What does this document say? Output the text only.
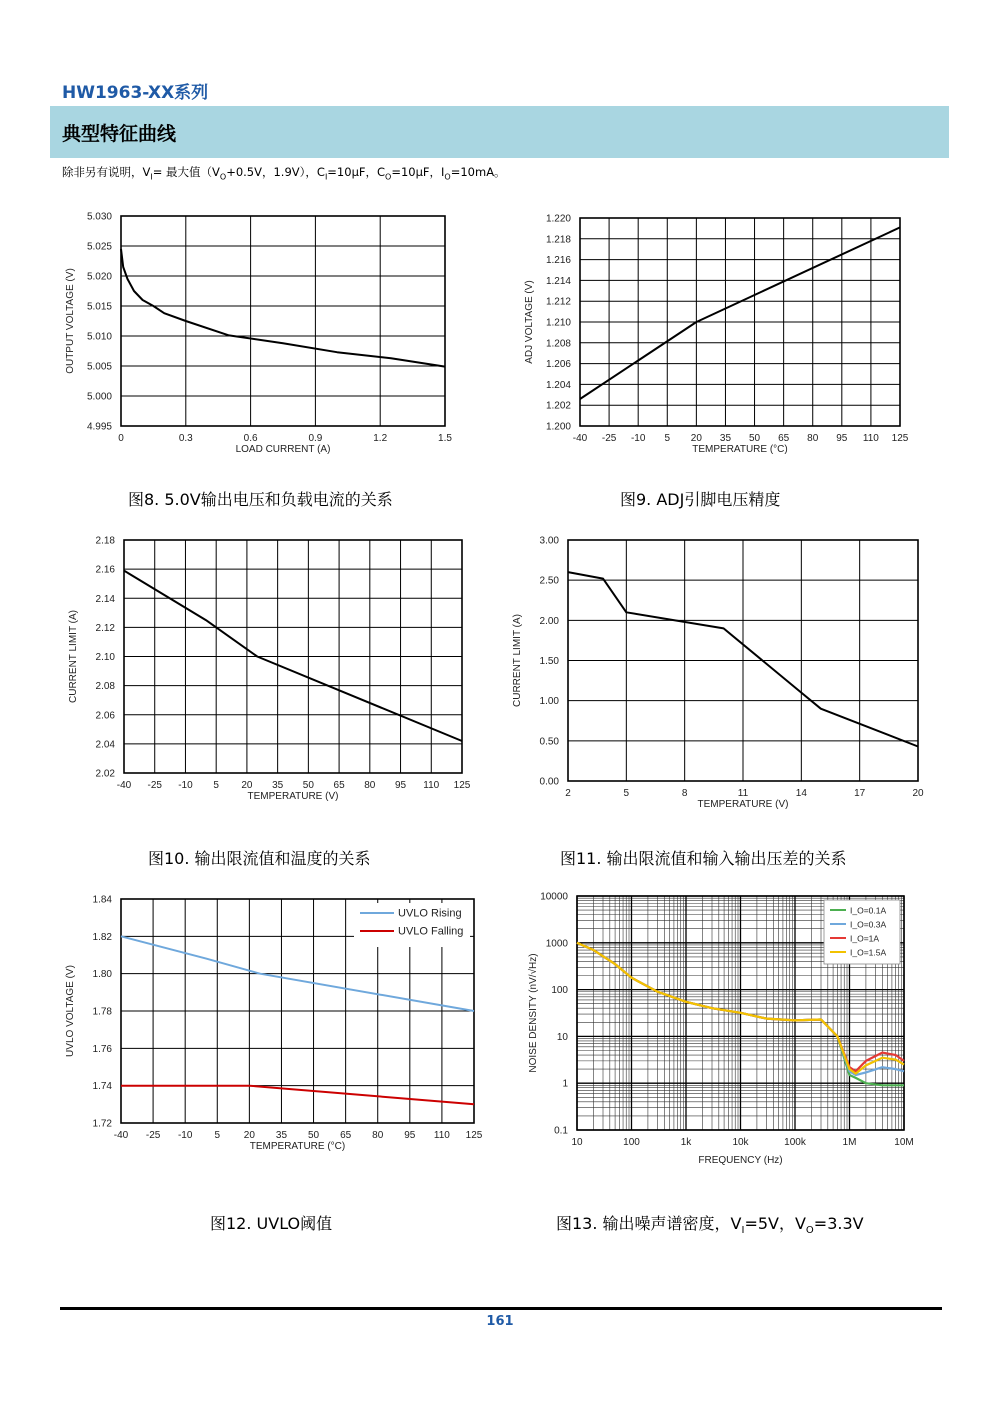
HW1963-XX系列
典型特征曲线
除非另有说明，$V_I=$ 最大值（$V_O+0.5V$，1.9V），$C_I=10\mu F$，$C_O=10\mu F$，$I_O=10mA$。
0	0.3	0.6	0.9	1.2	1.5
4.995
5.000
5.005
5.010
5.015
5.020
5.025
5.030
LOAD CURRENT (A)
OUTPUT VOLTAGE (V)
图8. 5.0V输出电压和负载电流的关系
-40 -25 -10 5 20 35 50 65 80 95 110 125
1.200
1.202
1.204
1.206
1.208
1.210
1.212
1.214
1.216
1.218
1.220
TEMPERATURE (°C)
ADJ VOLTAGE (V)
图9. ADJ引脚电压精度
-40 -25 -10 5 20 35 50 65 80 95 110 125
2.02
2.04
2.06
2.08
2.10
2.12
2.14
2.16
2.18
TEMPERATURE (V)
CURRENT LIMIT (A)
图10. 输出限流值和温度的关系
2	5	8	11	14	17	20
0.00
0.50
1.00
1.50
2.00
2.50
3.00
TEMPERATURE (V)
CURRENT LIMIT (A)
图11. 输出限流值和输入输出压差的关系
-40 -25 -10 5 20 35 50 65 80 95 110 125
1.72
1.74
1.76
1.78
1.80
1.82
1.84
TEMPERATURE (°C)
UVLO VOLTAGE (V)
UVLO Rising
UVLO Falling
图12. UVLO阈值
10	100	1k	10k	100k	1M	10M
0.1
1
10
100
1000
10000
FREQUENCY (Hz)
NOISE DENSITY (nV/√Hz)
I_O=0.1A
I_O=0.3A
I_O=1A
I_O=1.5A
图13. 输出噪声谱密度，$V_I=5V$，$V_O=3.3V$
161
